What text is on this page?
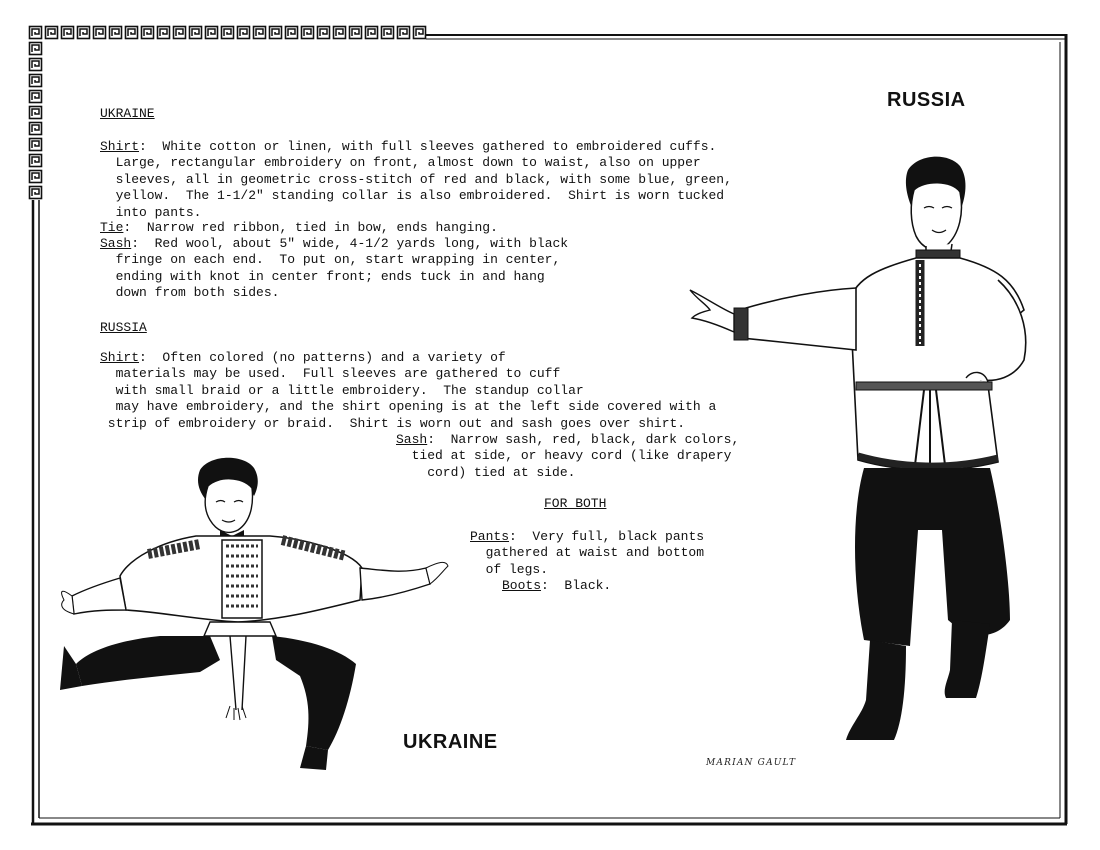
RUSSIA
UKRAINE
MARIAN GAULT
UKRAINE
Shirt:  White cotton or linen, with full sleeves gathered to embroidered cuffs.
Large, rectangular embroidery on front, almost down to waist, also on upper
sleeves, all in geometric cross-stitch of red and black, with some blue, green,
yellow.  The 1-1/2" standing collar is also embroidered.  Shirt is worn tucked
into pants.
Tie:  Narrow red ribbon, tied in bow, ends hanging.
Sash:  Red wool, about 5" wide, 4-1/2 yards long, with black
fringe on each end.  To put on, start wrapping in center,
ending with knot in center front; ends tuck in and hang
down from both sides.
RUSSIA
Shirt:  Often colored (no patterns) and a variety of
materials may be used.  Full sleeves are gathered to cuff
with small braid or a little embroidery.  The standup collar
may have embroidery, and the shirt opening is at the left side covered with a
strip of embroidery or braid.  Shirt is worn out and sash goes over shirt.
Sash:  Narrow sash, red, black, dark colors,
tied at side, or heavy cord (like drapery
cord) tied at side.
FOR BOTH
Pants:  Very full, black pants
gathered at waist and bottom
of legs.
Boots:  Black.
